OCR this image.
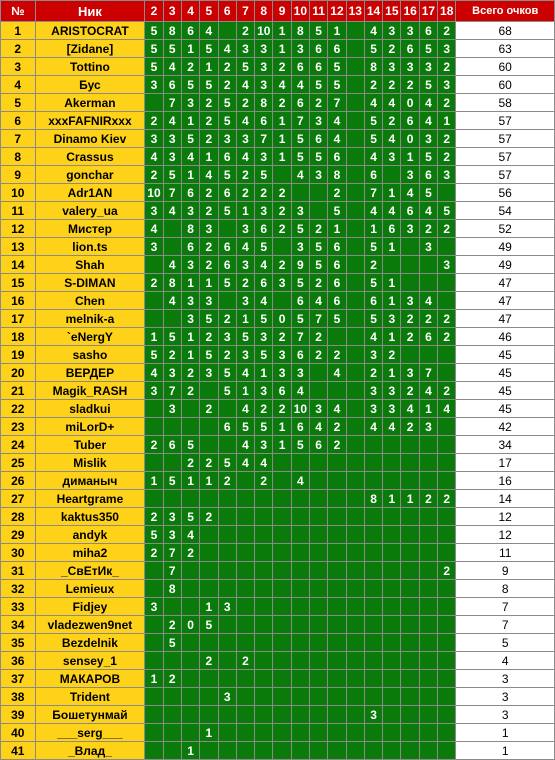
№	Ник	2	3	4	5	6	7	8	9	10	11	12	13	14	15	16	17	18	Всего очков
1	ARISTOCRAT	5	8	6	4		2	10	1	8	5	1		4	3	3	6	2	68
2	[Zidane]	5	5	1	5	4	3	3	1	3	6	6		5	2	6	5	3	63
3	Tottino	5	4	2	1	2	5	3	2	6	6	5		8	3	3	3	2	60
4	Бус	3	6	5	5	2	4	3	4	4	5	5		2	2	2	5	3	60
5	Akerman		7	3	2	5	2	8	2	6	2	7		4	4	0	4	2	58
6	xxxFAFNIRxxx	2	4	1	2	5	4	6	1	7	3	4		5	2	6	4	1	57
7	Dinamo Kiev	3	3	5	2	3	3	7	1	5	6	4		5	4	0	3	2	57
8	Crassus	4	3	4	1	6	4	3	1	5	5	6		4	3	1	5	2	57
9	gonchar	2	5	1	4	5	2	5		4	3	8		6		3	6	3	57
10	Adr1AN	10	7	6	2	6	2	2	2			2		7	1	4	5		56
11	valery_ua	3	4	3	2	5	1	3	2	3		5		4	4	6	4	5	54
12	Мистер	4		8	3		3	6	2	5	2	1		1	6	3	2	2	52
13	lion.ts	3		6	2	6	4	5		3	5	6		5	1		3		49
14	Shah		4	3	2	6	3	4	2	9	5	6		2				3	49
15	S-DIMAN	2	8	1	1	5	2	6	3	5	2	6		5	1				47
16	Chen		4	3	3		3	4		6	4	6		6	1	3	4		47
17	melnik-a			3	5	2	1	5	0	5	7	5		5	3	2	2	2	47
18	`eNergY	1	5	1	2	3	5	3	2	7	2			4	1	2	6	2	46
19	sasho	5	2	1	5	2	3	5	3	6	2	2		3	2				45
20	ВЕРДЕР	4	3	2	3	5	4	1	3	3		4		2	1	3	7		45
21	Magik_RASH	3	7	2		5	1	3	6	4				3	3	2	4	2	45
22	sladkui		3		2		4	2	2	10	3	4		3	3	4	1	4	45
23	miLorD+					6	5	5	1	6	4	2		4	4	2	3		42
24	Tuber	2	6	5			4	3	1	5	6	2							34
25	Mislik			2	2	5	4	4											17
26	диманыч	1	5	1	1	2		2		4									16
27	Heartgrame													8	1	1	2	2	14
28	kaktus350	2	3	5	2														12
29	andyk	5	3	4															12
30	miha2	2	7	2															11
31	_СвЕтИк_		7															2	9
32	Lemieux		8																8
33	Fidjey	3			1	3													7
34	vladezwen9net		2	0	5														7
35	Bezdelnik		5																5
36	sensey_1				2		2												4
37	МАКАРОВ	1	2																3
38	Trident					3													3
39	Бошетунмай													3					3
40	___serg___				1														1
41	_Влад_			1															1
